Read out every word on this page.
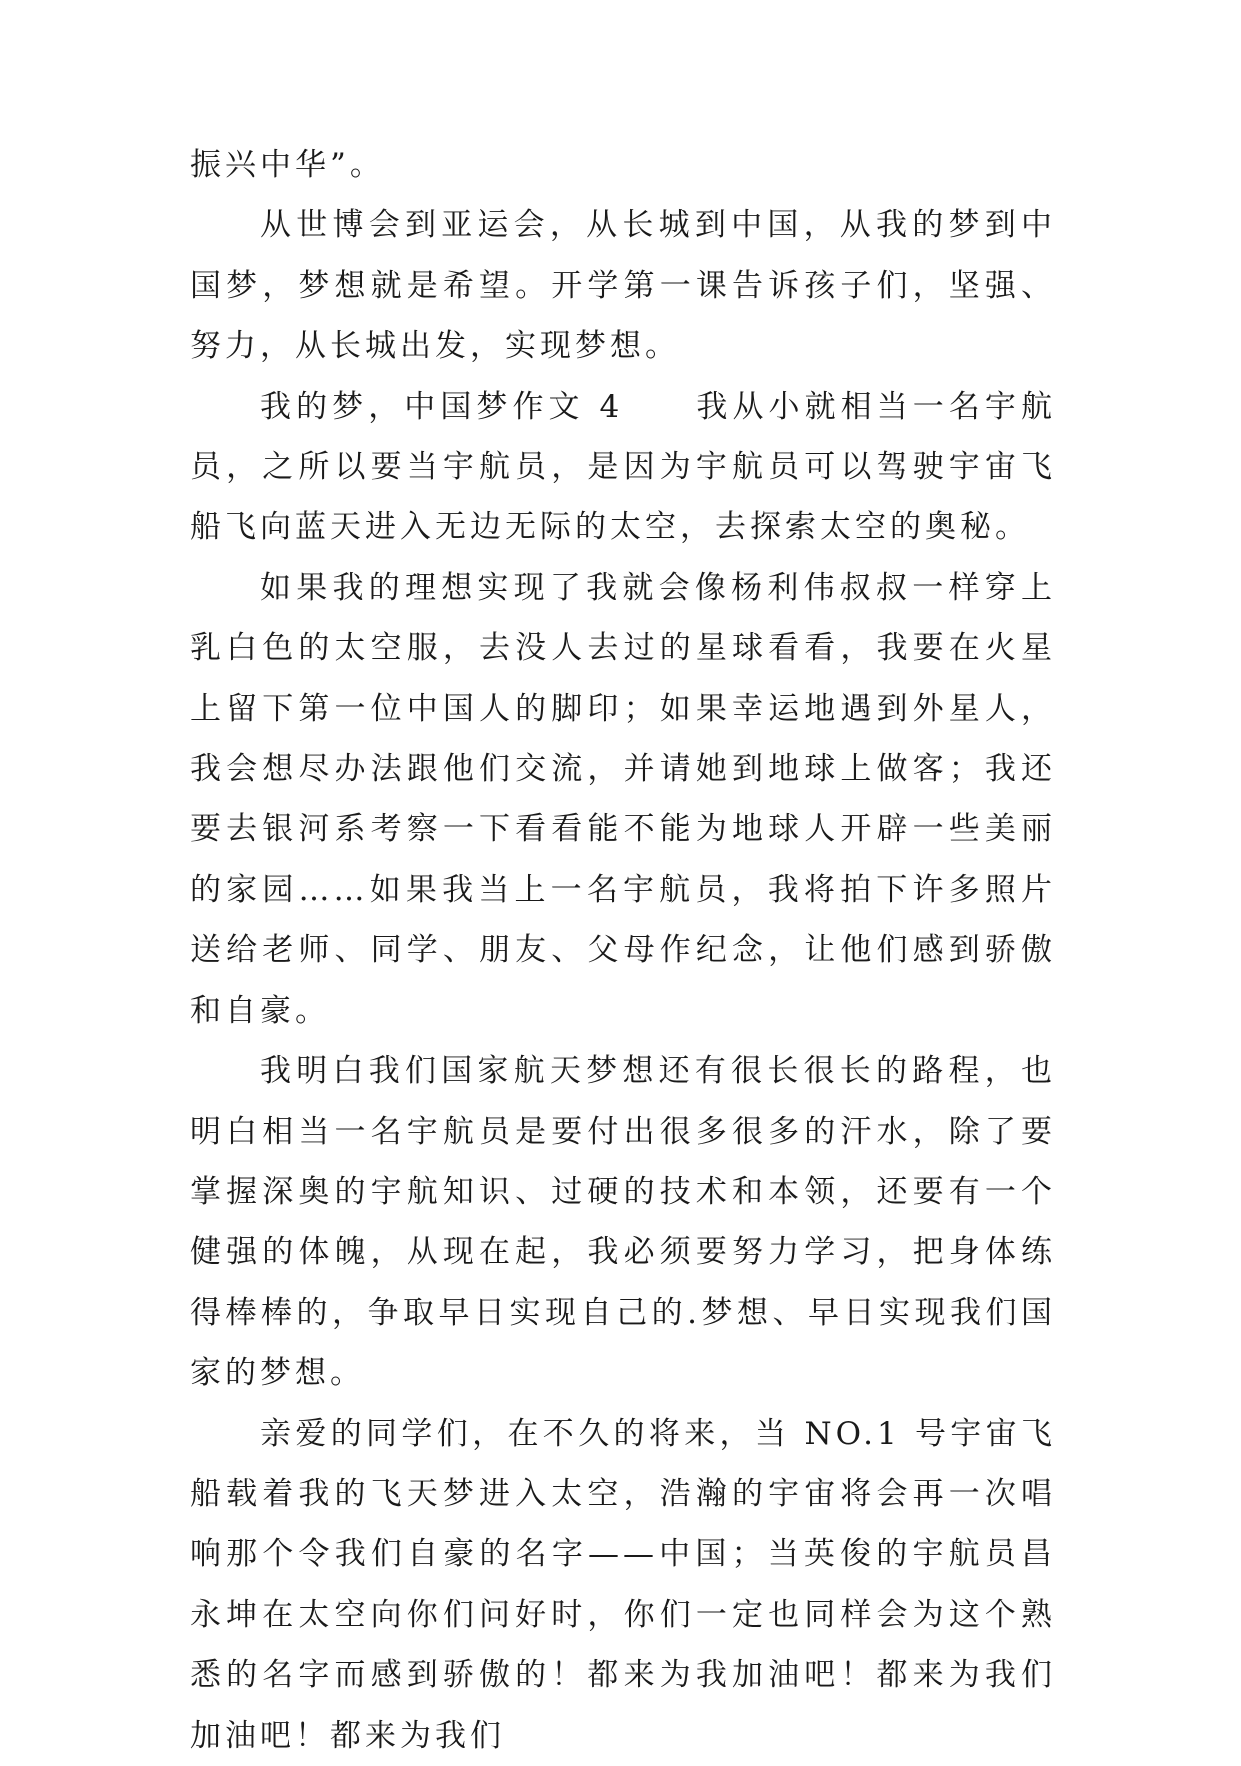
振兴中华”。

从世博会到亚运会，从长城到中国，从我的梦到中国梦，梦想就是希望。开学第一课告诉孩子们，坚强、努力，从长城出发，实现梦想。

我的梦，中国梦作文 4　　我从小就相当一名宇航员，之所以要当宇航员，是因为宇航员可以驾驶宇宙飞船飞向蓝天进入无边无际的太空，去探索太空的奥秘。

如果我的理想实现了我就会像杨利伟叔叔一样穿上乳白色的太空服，去没人去过的星球看看，我要在火星上留下第一位中国人的脚印；如果幸运地遇到外星人，我会想尽办法跟他们交流，并请她到地球上做客；我还要去银河系考察一下看看能不能为地球人开辟一些美丽的家园……如果我当上一名宇航员，我将拍下许多照片送给老师、同学、朋友、父母作纪念，让他们感到骄傲和自豪。

我明白我们国家航天梦想还有很长很长的路程，也明白相当一名宇航员是要付出很多很多的汗水，除了要掌握深奥的宇航知识、过硬的技术和本领，还要有一个健强的体魄，从现在起，我必须要努力学习，把身体练得棒棒的，争取早日实现自己的.梦想、早日实现我们国家的梦想。

亲爱的同学们，在不久的将来，当 NO.1 号宇宙飞船载着我的飞天梦进入太空，浩瀚的宇宙将会再一次唱响那个令我们自豪的名字——中国；当英俊的宇航员昌永坤在太空向你们问好时，你们一定也同样会为这个熟悉的名字而感到骄傲的！都来为我加油吧！都来为我们加油吧！都来为我们
